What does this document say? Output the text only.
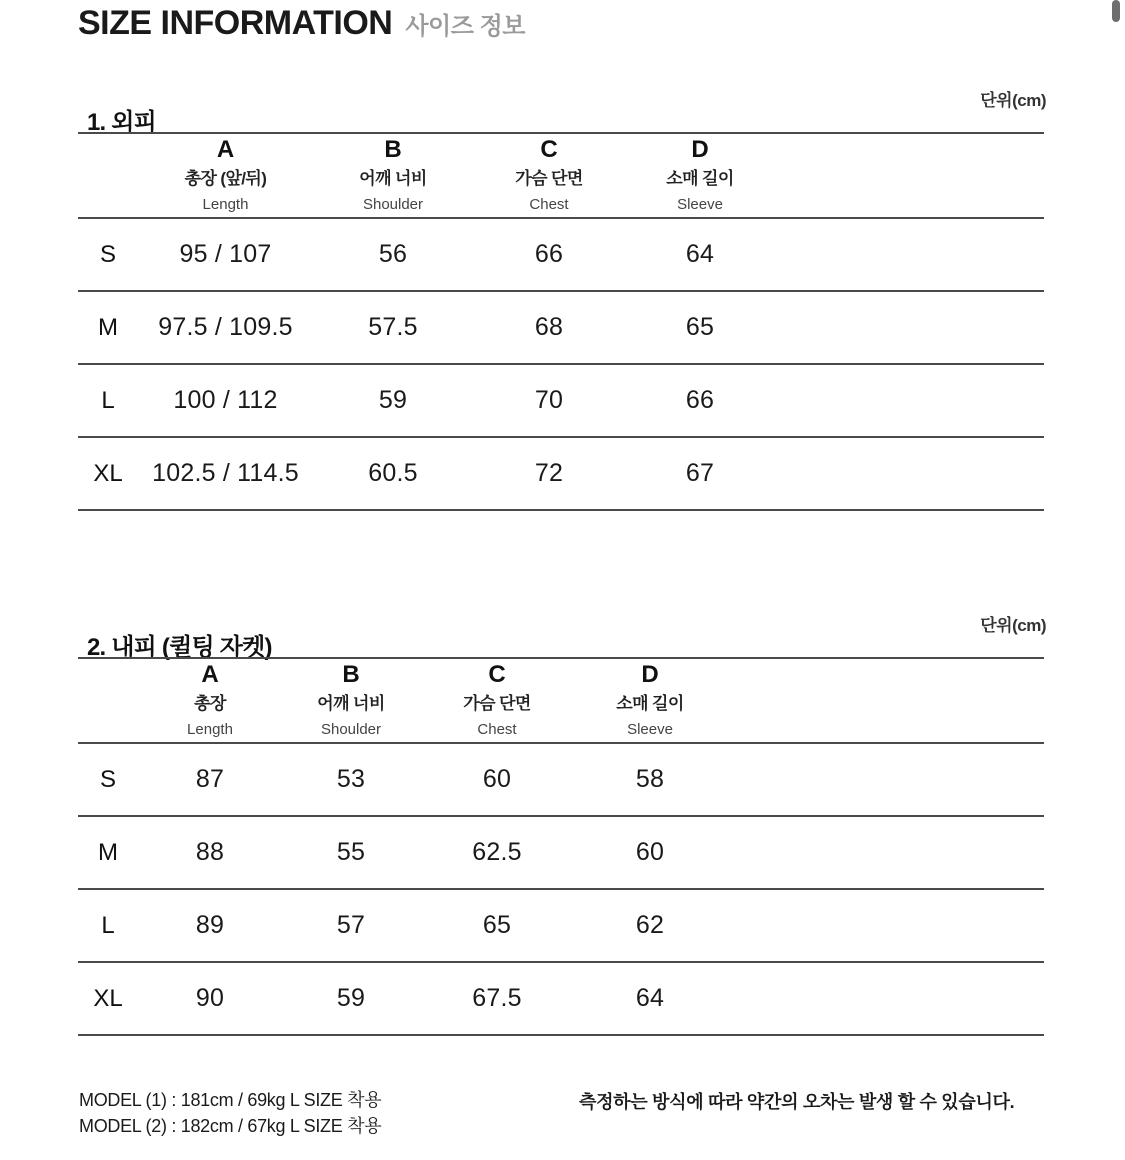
SIZE INFORMATION 사이즈 정보
1. 외피
단위(cm)

A
총장 (앞/뒤)
Length

B
어깨 너비
Shoulder

C
가슴 단면
Chest

D
소매 길이
Sleeve

S	95 / 107	56	66	64	

M	97.5 / 109.5	57.5	68	65	

L	100 / 112	59	70	66	

XL	102.5 / 114.5	60.5	72	67	

2. 내피 (퀼팅 자켓)
단위(cm)

A
총장
Length

B
어깨 너비
Shoulder

C
가슴 단면
Chest

D
소매 길이
Sleeve

S	87	53	60	58	

M	88	55	62.5	60	

L	89	57	65	62	

XL	90	59	67.5	64	

MODEL (1) : 181cm / 69kg L SIZE 착용
MODEL (2) : 182cm / 67kg L SIZE 착용
측정하는 방식에 따라 약간의 오차는 발생 할 수 있습니다.
